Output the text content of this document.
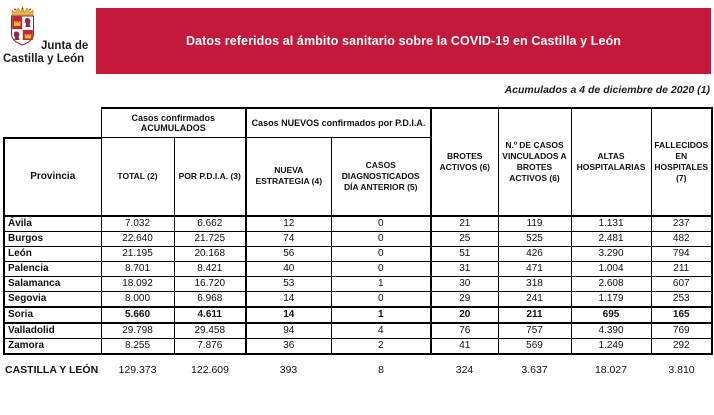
Junta de
Castilla y León
Datos referidos al ámbito sanitario sobre la COVID-19 en Castilla y León
Acumulados a 4 de diciembre de 2020 (1)
	Casos confirmados ACUMULADOS		Casos NUEVOS confirmados por P.D.I.A.		BROTES ACTIVOS (6)	N.º DE CASOS VINCULADOS A BROTES ACTIVOS (6)	ALTAS HOSPITALARIAS	FALLECIDOS EN HOSPITALES (7)
Provincia	TOTAL (2)	POR P.D.I.A. (3)	NUEVA ESTRATEGIA (4)	CASOS DIAGNOSTICADOS DÍA ANTERIOR (5)				
Ávila	7.032	6.662	12	0	21	119	1.131	237
Burgos	22.640	21.725	74	0	25	525	2.481	482
León	21.195	20.168	56	0	51	426	3.290	794
Palencia	8.701	8.421	40	0	31	471	1.004	211
Salamanca	18.092	16.720	53	1	30	318	2.608	607
Segovia	8.000	6.968	14	0	29	241	1.179	253
Soria	5.660	4.611	14	1	20	211	695	165
Valladolid	29.798	29.458	94	4	76	757	4.390	769
Zamora	8.255	7.876	36	2	41	569	1.249	292
CASTILLA Y LEÓN	129.373	122.609	393	8	324	3.637	18.027	3.810
